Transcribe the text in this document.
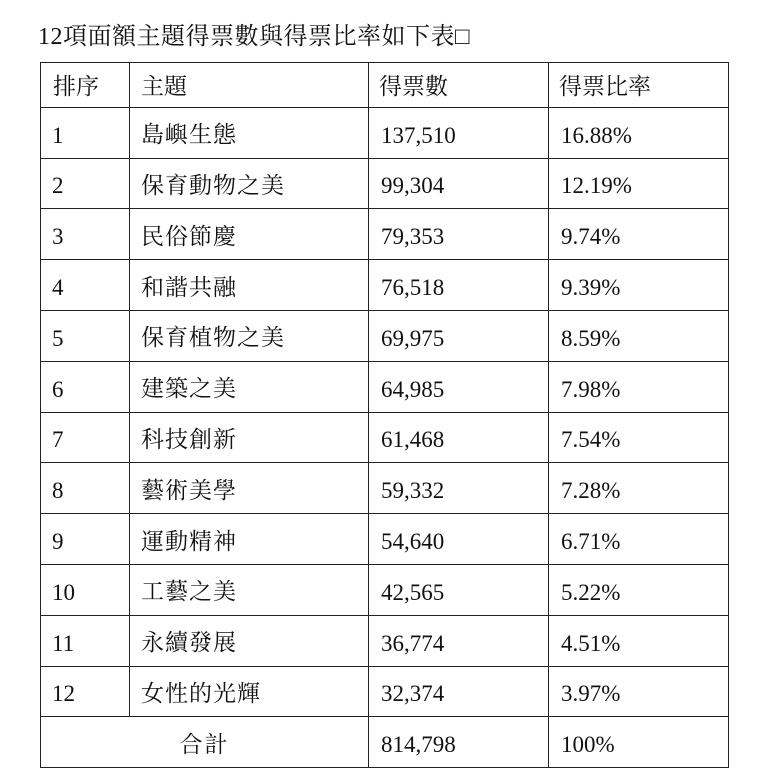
12項面額主題得票數與得票比率如下表□
排序	主題	得票數	得票比率
1	島嶼生態	137,510	16.88%
2	保育動物之美	99,304	12.19%
3	民俗節慶	79,353	9.74%
4	和諧共融	76,518	9.39%
5	保育植物之美	69,975	8.59%
6	建築之美	64,985	7.98%
7	科技創新	61,468	7.54%
8	藝術美學	59,332	7.28%
9	運動精神	54,640	6.71%
10	工藝之美	42,565	5.22%
11	永續發展	36,774	4.51%
12	女性的光輝	32,374	3.97%
合計		814,798	100%
